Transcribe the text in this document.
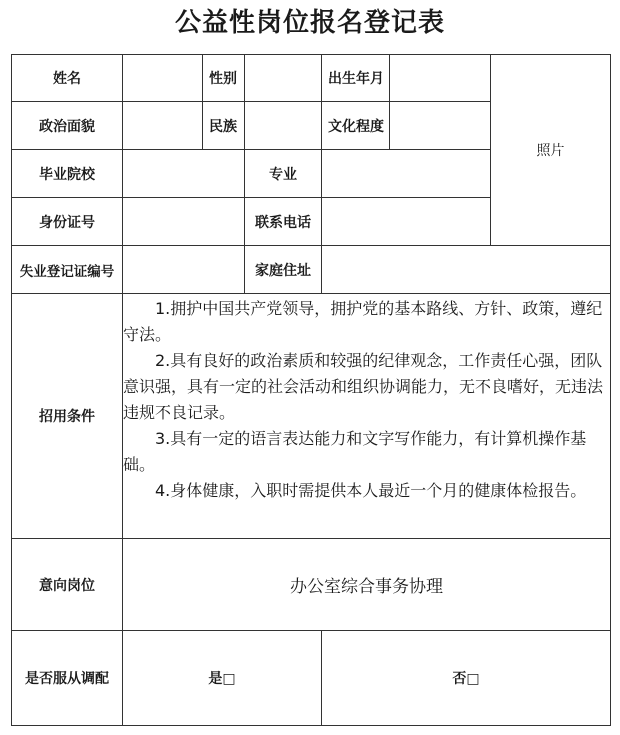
公益性岗位报名登记表
姓名		性别		出生年月		照片
政治面貌		民族		文化程度		
毕业院校			专业			
身份证号			联系电话			
失业登记证编号			家庭住址			
招用条件	1.拥护中国共产党领导，拥护党的基本路线、方针、政策，遵纪守法。

2.具有良好的政治素质和较强的纪律观念，工作责任心强，团队意识强，具有一定的社会活动和组织协调能力，无不良嗜好，无违法违规不良记录。

3.具有一定的语言表达能力和文字写作能力，有计算机操作基础。

4.身体健康，入职时需提供本人最近一个月的健康体检报告。					

意向岗位	办公室综合事务协理					
是否服从调配	是□			否□		
